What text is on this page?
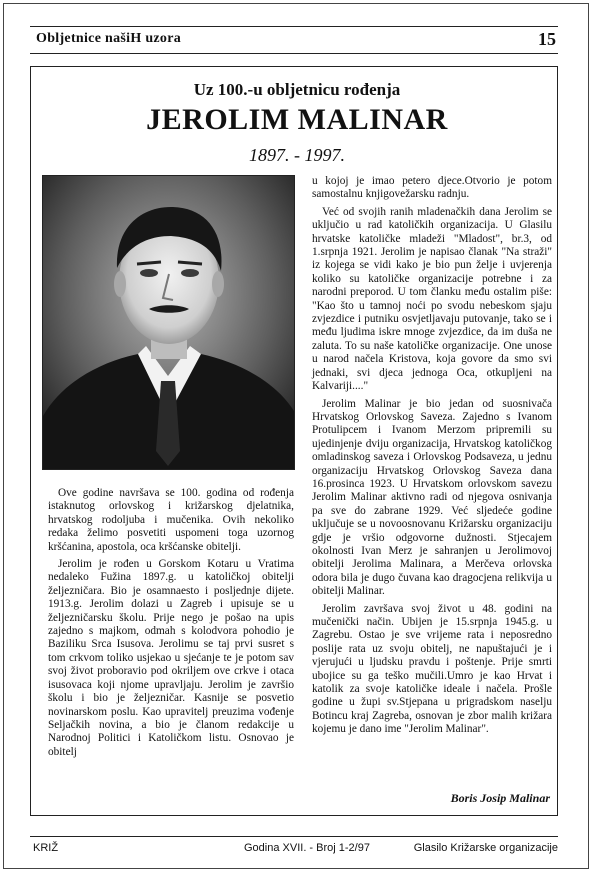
Obljetnice našiH uzora	15
Uz 100.-u obljetnicu rođenja
JEROLIM MALINAR
1897. - 1997.

Ove godine navršava se 100. godina od rođenja istaknutog orlovskog i križarskog djelatnika, hrvatskog rodoljuba i mučenika. Ovih nekoliko redaka želimo posvetiti uspomeni toga uzornog kršćanina, apostola, oca kršćanske obitelji.

Jerolim je rođen u Gorskom Kotaru u Vratima nedaleko Fužina 1897.g. u katoličkoj obitelji željezničara. Bio je osamnaesto i posljednje dijete. 1913.g. Jerolim dolazi u Zagreb i upisuje se u željezničarsku školu. Prije nego je pošao na upis zajedno s majkom, odmah s kolodvora pohodio je Baziliku Srca Isusova. Jerolimu se taj prvi susret s tom crkvom toliko usjekao u sjećanje te je potom sav svoj život proboravio pod okriljem ove crkve i otaca isusovaca koji njome upravljaju. Jerolim je završio školu i bio je željezničar. Kasnije se posvetio novinarskom poslu. Kao upravitelj preuzima vođenje Seljačkih novina, a bio je članom redakcije u Narodnoj Politici i Katoličkom listu. Osnovao je obitelj

u kojoj je imao petero djece.Otvorio je potom samostalnu knjigovežarsku radnju.

Već od svojih ranih mladenačkih dana Jerolim se uključio u rad katoličkih organizacija. U Glasilu hrvatske katoličke mladeži "Mladost", br.3, od 1.srpnja 1921. Jerolim je napisao članak "Na straži" iz kojega se vidi kako je bio pun želje i uvjerenja koliko su katoličke organizacije potrebne i za narodni preporod. U tom članku među ostalim piše: "Kao što u tamnoj noći po svodu nebeskom sjaju zvjezdice i putniku osvjetljavaju putovanje, tako se i među ljudima iskre mnoge zvjezdice, da im duša ne zaluta. To su naše katoličke organizacije. One unose u narod načela Kristova, koja govore da smo svi jednaki, svi djeca jednoga Oca, otkupljeni na Kalvariji...."

Jerolim Malinar je bio jedan od suosnivača Hrvatskog Orlovskog Saveza. Zajedno s Ivanom Protulipcem i Ivanom Merzom pripremili su ujedinjenje dviju organizacija, Hrvatskog katoličkog omladinskog saveza i Orlovskog Podsaveza, u jednu organizaciju Hrvatskog Orlovskog Saveza dana 16.prosinca 1923. U Hrvatskom orlovskom savezu Jerolim Malinar aktivno radi od njegova osnivanja pa sve do zabrane 1929. Već sljedeće godine uključuje se u novoosnovanu Križarsku organizaciju gdje je vršio odgovorne dužnosti. Stjecajem okolnosti Ivan Merz je sahranjen u Jerolimovoj obitelji Jerolima Malinara, a Merčeva orlovska odora bila je dugo čuvana kao dragocjena relikvija u obitelji Malinar.

Jerolim završava svoj život u 48. godini na mučenički način. Ubijen je 15.srpnja 1945.g. u Zagrebu. Ostao je sve vrijeme rata i neposredno poslije rata uz svoju obitelj, ne napuštajući je i vjerujući u ljudsku pravdu i poštenje. Prije smrti ubojice su ga teško mučili.Umro je kao Hrvat i katolik za svoje katoličke ideale i načela. Prošle godine u župi sv.Stjepana u prigradskom naselju Botincu kraj Zagreba, osnovan je zbor malih križara kojemu je dano ime "Jerolim Malinar".

Boris Josip Malinar
KRIŽ	Godina XVII. - Broj 1-2/97	Glasilo Križarske organizacije
